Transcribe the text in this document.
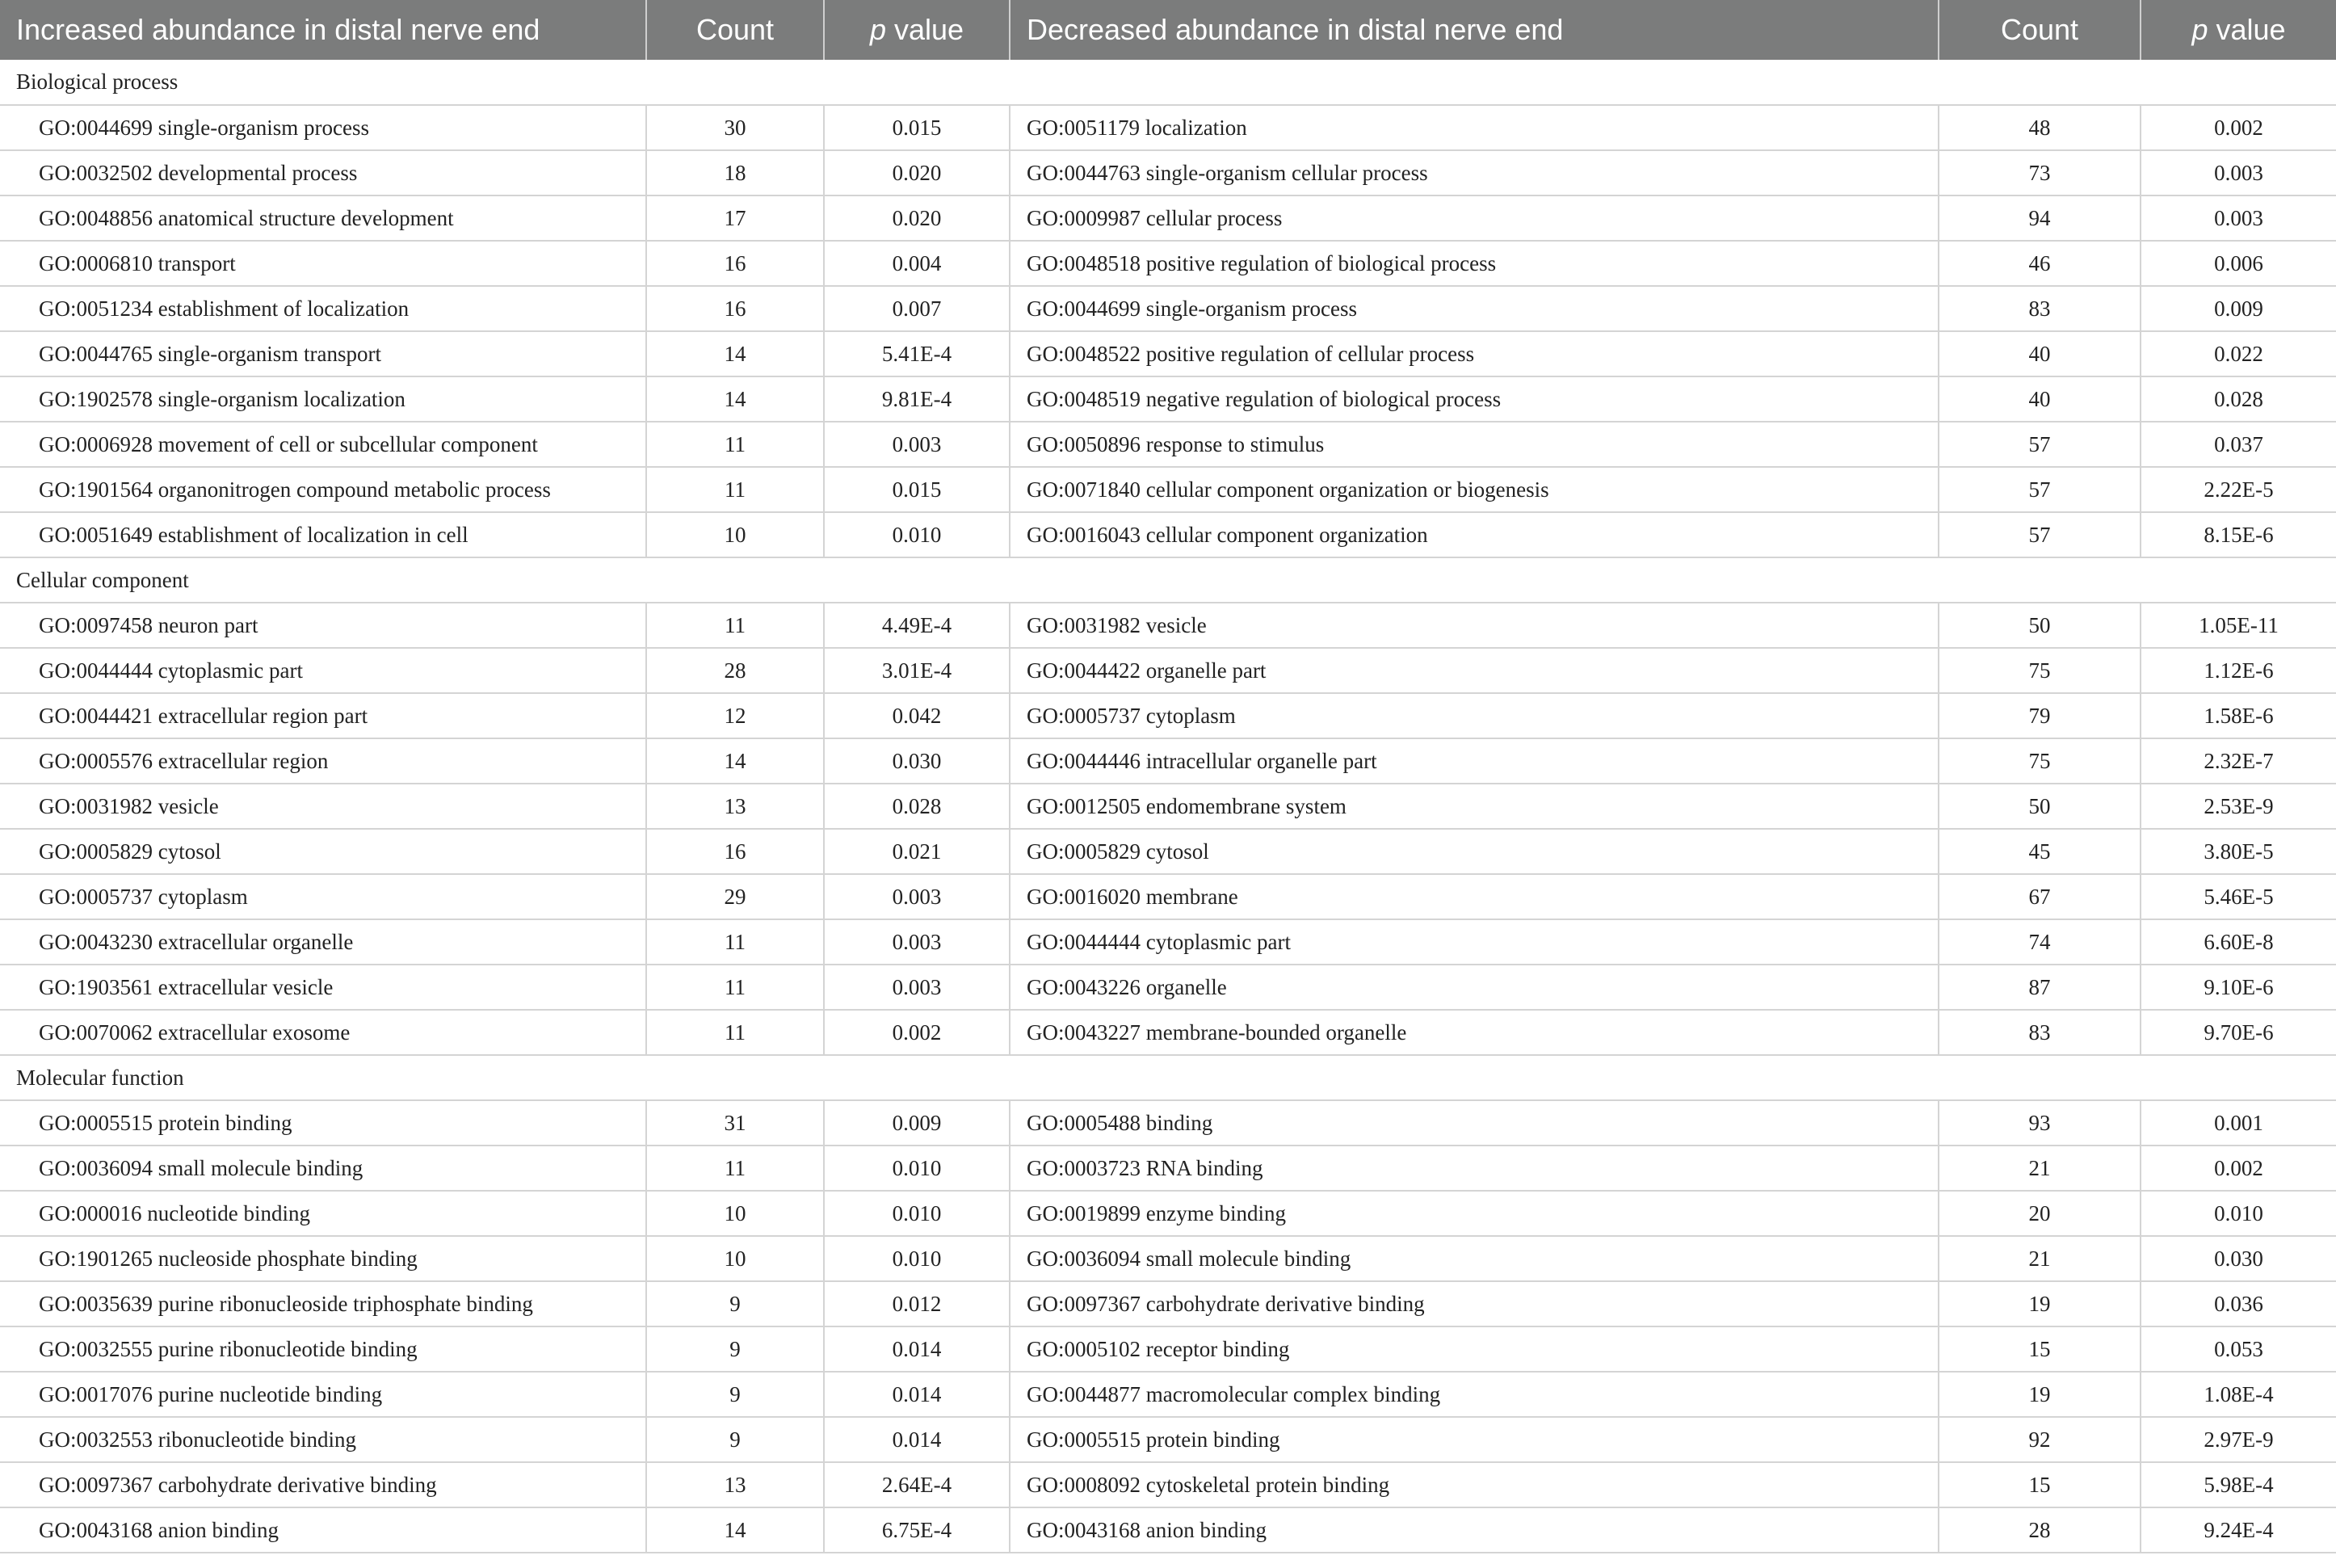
Increased abundance in distal nerve end	Count	p value	Decreased abundance in distal nerve end	Count	p value
Biological process					
GO:0044699 single-organism process	30	0.015	GO:0051179 localization	48	0.002
GO:0032502 developmental process	18	0.020	GO:0044763 single-organism cellular process	73	0.003
GO:0048856 anatomical structure development	17	0.020	GO:0009987 cellular process	94	0.003
GO:0006810 transport	16	0.004	GO:0048518 positive regulation of biological process	46	0.006
GO:0051234 establishment of localization	16	0.007	GO:0044699 single-organism process	83	0.009
GO:0044765 single-organism transport	14	5.41E-4	GO:0048522 positive regulation of cellular process	40	0.022
GO:1902578 single-organism localization	14	9.81E-4	GO:0048519 negative regulation of biological process	40	0.028
GO:0006928 movement of cell or subcellular component	11	0.003	GO:0050896 response to stimulus	57	0.037
GO:1901564 organonitrogen compound metabolic process	11	0.015	GO:0071840 cellular component organization or biogenesis	57	2.22E-5
GO:0051649 establishment of localization in cell	10	0.010	GO:0016043 cellular component organization	57	8.15E-6
Cellular component					
GO:0097458 neuron part	11	4.49E-4	GO:0031982 vesicle	50	1.05E-11
GO:0044444 cytoplasmic part	28	3.01E-4	GO:0044422 organelle part	75	1.12E-6
GO:0044421 extracellular region part	12	0.042	GO:0005737 cytoplasm	79	1.58E-6
GO:0005576 extracellular region	14	0.030	GO:0044446 intracellular organelle part	75	2.32E-7
GO:0031982 vesicle	13	0.028	GO:0012505 endomembrane system	50	2.53E-9
GO:0005829 cytosol	16	0.021	GO:0005829 cytosol	45	3.80E-5
GO:0005737 cytoplasm	29	0.003	GO:0016020 membrane	67	5.46E-5
GO:0043230 extracellular organelle	11	0.003	GO:0044444 cytoplasmic part	74	6.60E-8
GO:1903561 extracellular vesicle	11	0.003	GO:0043226 organelle	87	9.10E-6
GO:0070062 extracellular exosome	11	0.002	GO:0043227 membrane-bounded organelle	83	9.70E-6
Molecular function					
GO:0005515 protein binding	31	0.009	GO:0005488 binding	93	0.001
GO:0036094 small molecule binding	11	0.010	GO:0003723 RNA binding	21	0.002
GO:000016 nucleotide binding	10	0.010	GO:0019899 enzyme binding	20	0.010
GO:1901265 nucleoside phosphate binding	10	0.010	GO:0036094 small molecule binding	21	0.030
GO:0035639 purine ribonucleoside triphosphate binding	9	0.012	GO:0097367 carbohydrate derivative binding	19	0.036
GO:0032555 purine ribonucleotide binding	9	0.014	GO:0005102 receptor binding	15	0.053
GO:0017076 purine nucleotide binding	9	0.014	GO:0044877 macromolecular complex binding	19	1.08E-4
GO:0032553 ribonucleotide binding	9	0.014	GO:0005515 protein binding	92	2.97E-9
GO:0097367 carbohydrate derivative binding	13	2.64E-4	GO:0008092 cytoskeletal protein binding	15	5.98E-4
GO:0043168 anion binding	14	6.75E-4	GO:0043168 anion binding	28	9.24E-4
